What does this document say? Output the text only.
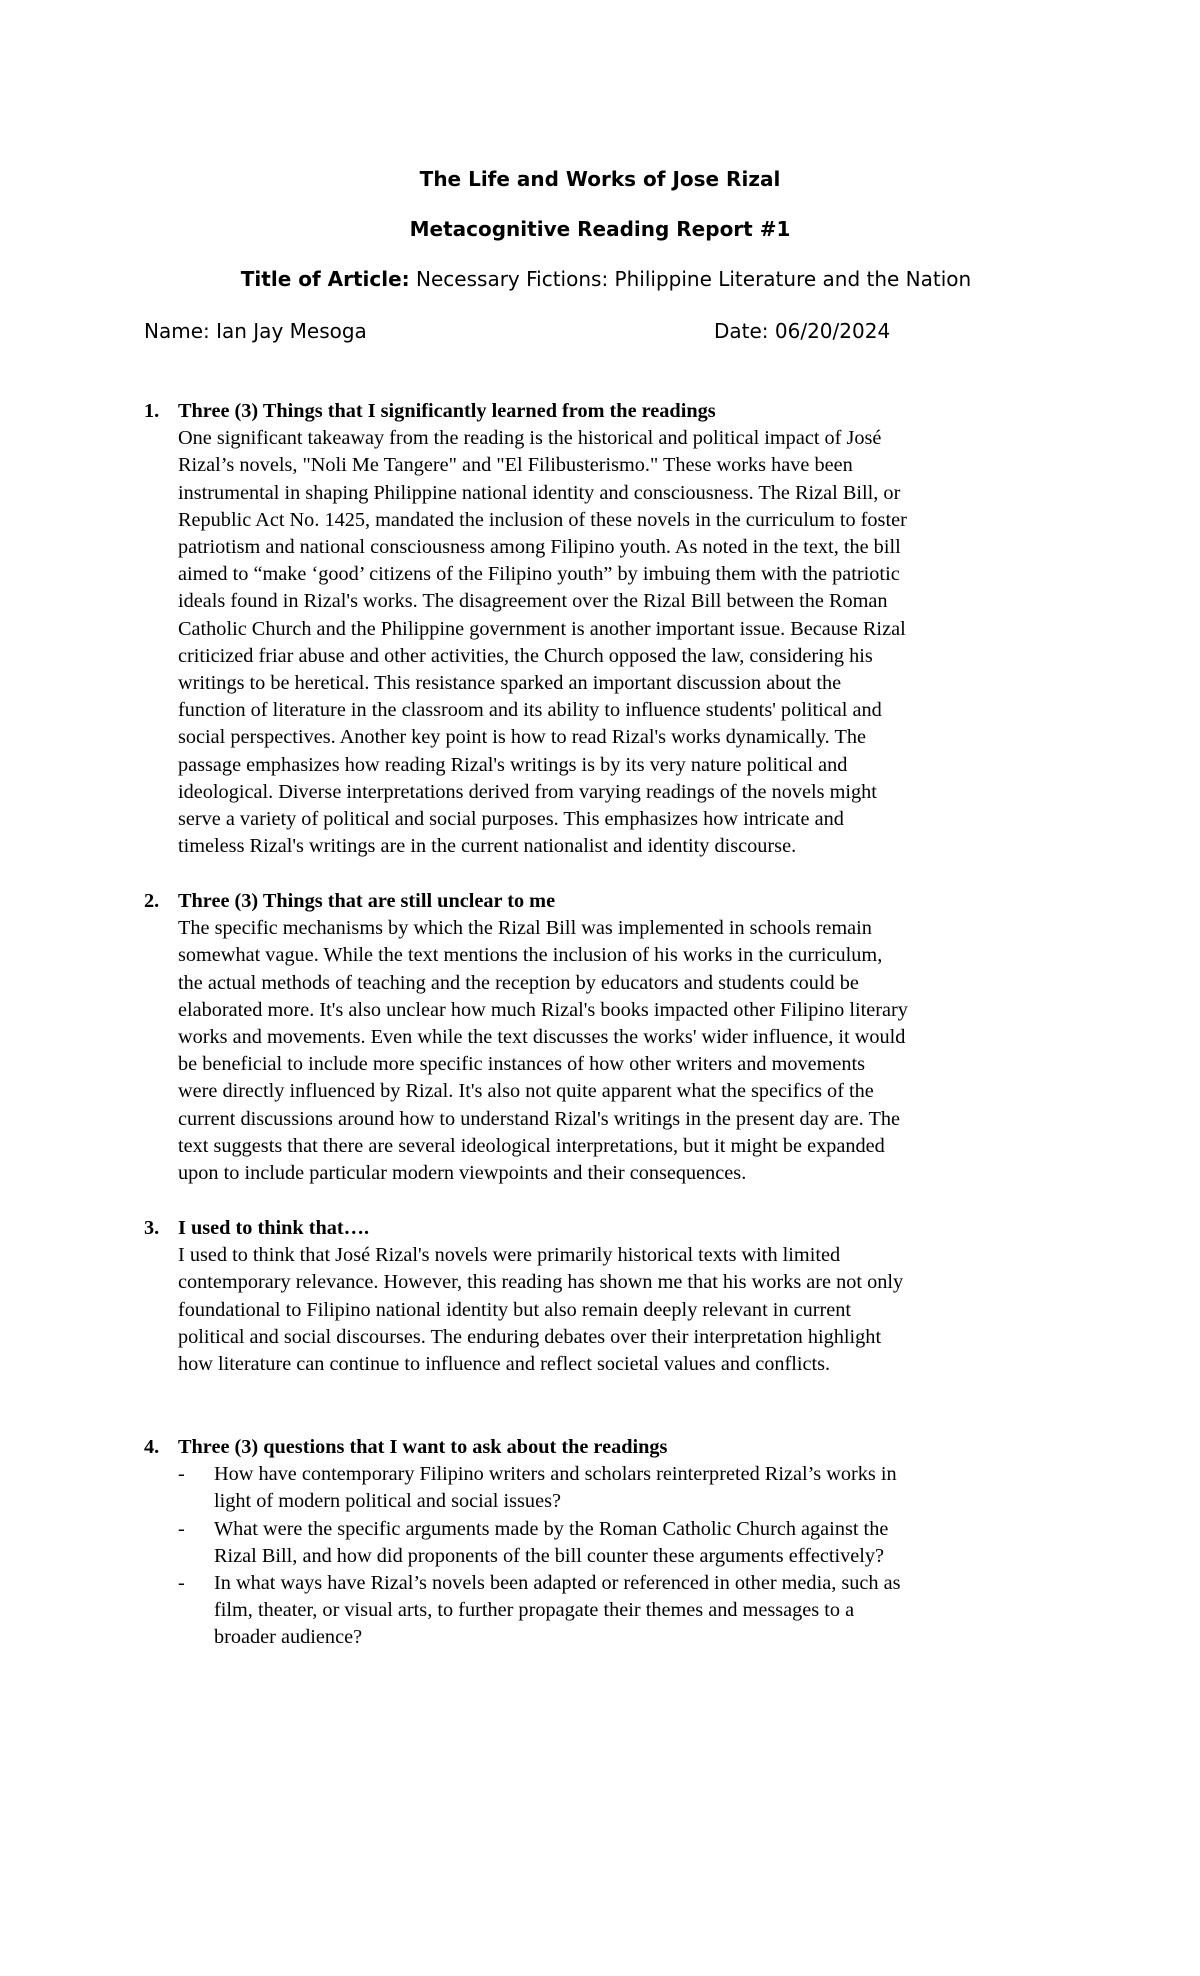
The Life and Works of Jose Rizal
Metacognitive Reading Report #1
Title of Article: Necessary Fictions: Philippine Literature and the Nation
Name: Ian Jay Mesoga	Date: 06/20/2024
1. Three (3) Things that I significantly learned from the readings
One significant takeaway from the reading is the historical and political impact of José
Rizal’s novels, "Noli Me Tangere" and "El Filibusterismo." These works have been
instrumental in shaping Philippine national identity and consciousness. The Rizal Bill, or
Republic Act No. 1425, mandated the inclusion of these novels in the curriculum to foster
patriotism and national consciousness among Filipino youth. As noted in the text, the bill
aimed to “make ‘good’ citizens of the Filipino youth” by imbuing them with the patriotic
ideals found in Rizal's works. The disagreement over the Rizal Bill between the Roman
Catholic Church and the Philippine government is another important issue. Because Rizal
criticized friar abuse and other activities, the Church opposed the law, considering his
writings to be heretical. This resistance sparked an important discussion about the
function of literature in the classroom and its ability to influence students' political and
social perspectives. Another key point is how to read Rizal's works dynamically. The
passage emphasizes how reading Rizal's writings is by its very nature political and
ideological. Diverse interpretations derived from varying readings of the novels might
serve a variety of political and social purposes. This emphasizes how intricate and
timeless Rizal's writings are in the current nationalist and identity discourse.
2. Three (3) Things that are still unclear to me
The specific mechanisms by which the Rizal Bill was implemented in schools remain
somewhat vague. While the text mentions the inclusion of his works in the curriculum,
the actual methods of teaching and the reception by educators and students could be
elaborated more. It's also unclear how much Rizal's books impacted other Filipino literary
works and movements. Even while the text discusses the works' wider influence, it would
be beneficial to include more specific instances of how other writers and movements
were directly influenced by Rizal. It's also not quite apparent what the specifics of the
current discussions around how to understand Rizal's writings in the present day are. The
text suggests that there are several ideological interpretations, but it might be expanded
upon to include particular modern viewpoints and their consequences.
3. I used to think that….
I used to think that José Rizal's novels were primarily historical texts with limited
contemporary relevance. However, this reading has shown me that his works are not only
foundational to Filipino national identity but also remain deeply relevant in current
political and social discourses. The enduring debates over their interpretation highlight
how literature can continue to influence and reflect societal values and conflicts.
4. Three (3) questions that I want to ask about the readings
- How have contemporary Filipino writers and scholars reinterpreted Rizal’s works in
light of modern political and social issues?
- What were the specific arguments made by the Roman Catholic Church against the
Rizal Bill, and how did proponents of the bill counter these arguments effectively?
- In what ways have Rizal’s novels been adapted or referenced in other media, such as
film, theater, or visual arts, to further propagate their themes and messages to a
broader audience?
